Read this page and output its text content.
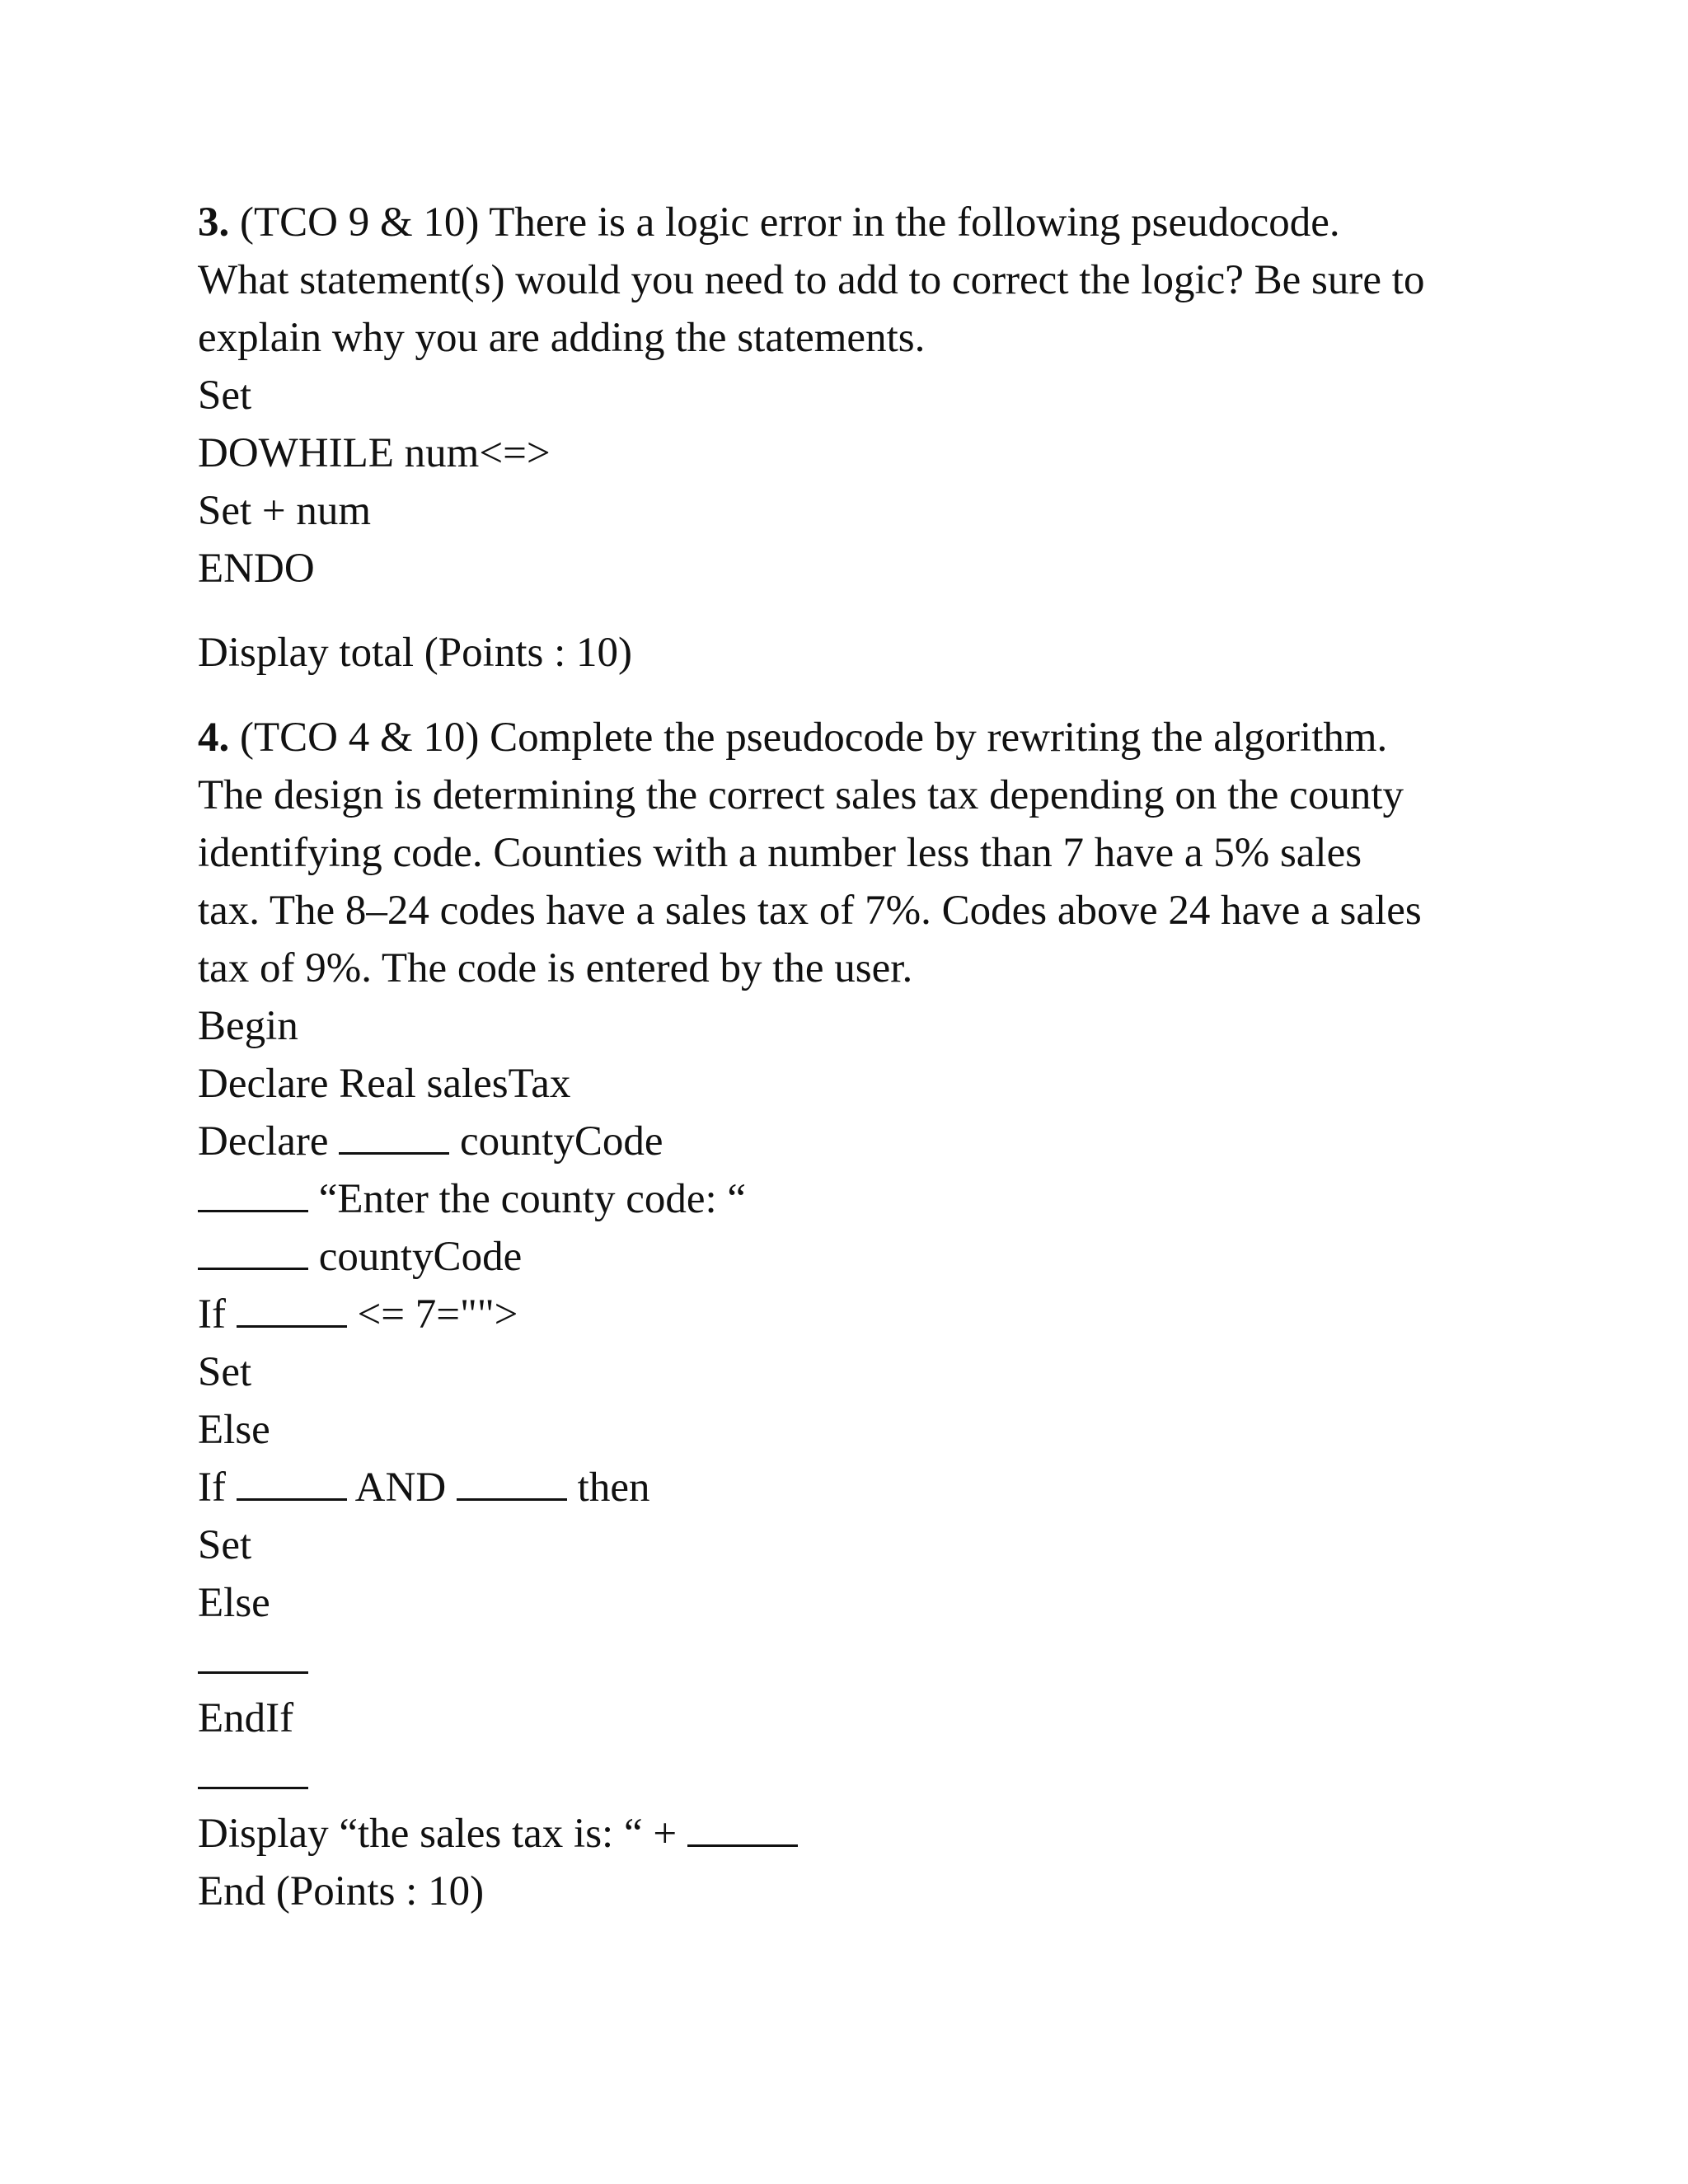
3. (TCO 9 & 10) There is a logic error in the following pseudocode.
What statement(s) would you need to add to correct the logic? Be sure to
explain why you are adding the statements.
Set
DOWHILE num<=>
Set + num
ENDO
Display total (Points : 10)
4. (TCO 4 & 10) Complete the pseudocode by rewriting the algorithm.
The design is determining the correct sales tax depending on the county
identifying code. Counties with a number less than 7 have a 5% sales
tax. The 8–24 codes have a sales tax of 7%. Codes above 24 have a sales
tax of 9%. The code is entered by the user.
Begin
Declare Real salesTax
Declare	countyCode
“Enter the county code: “
countyCode
If	<= 7="">
Set
Else
If	AND	then
Set
Else
EndIf
Display “the sales tax is: “ +
End (Points : 10)
